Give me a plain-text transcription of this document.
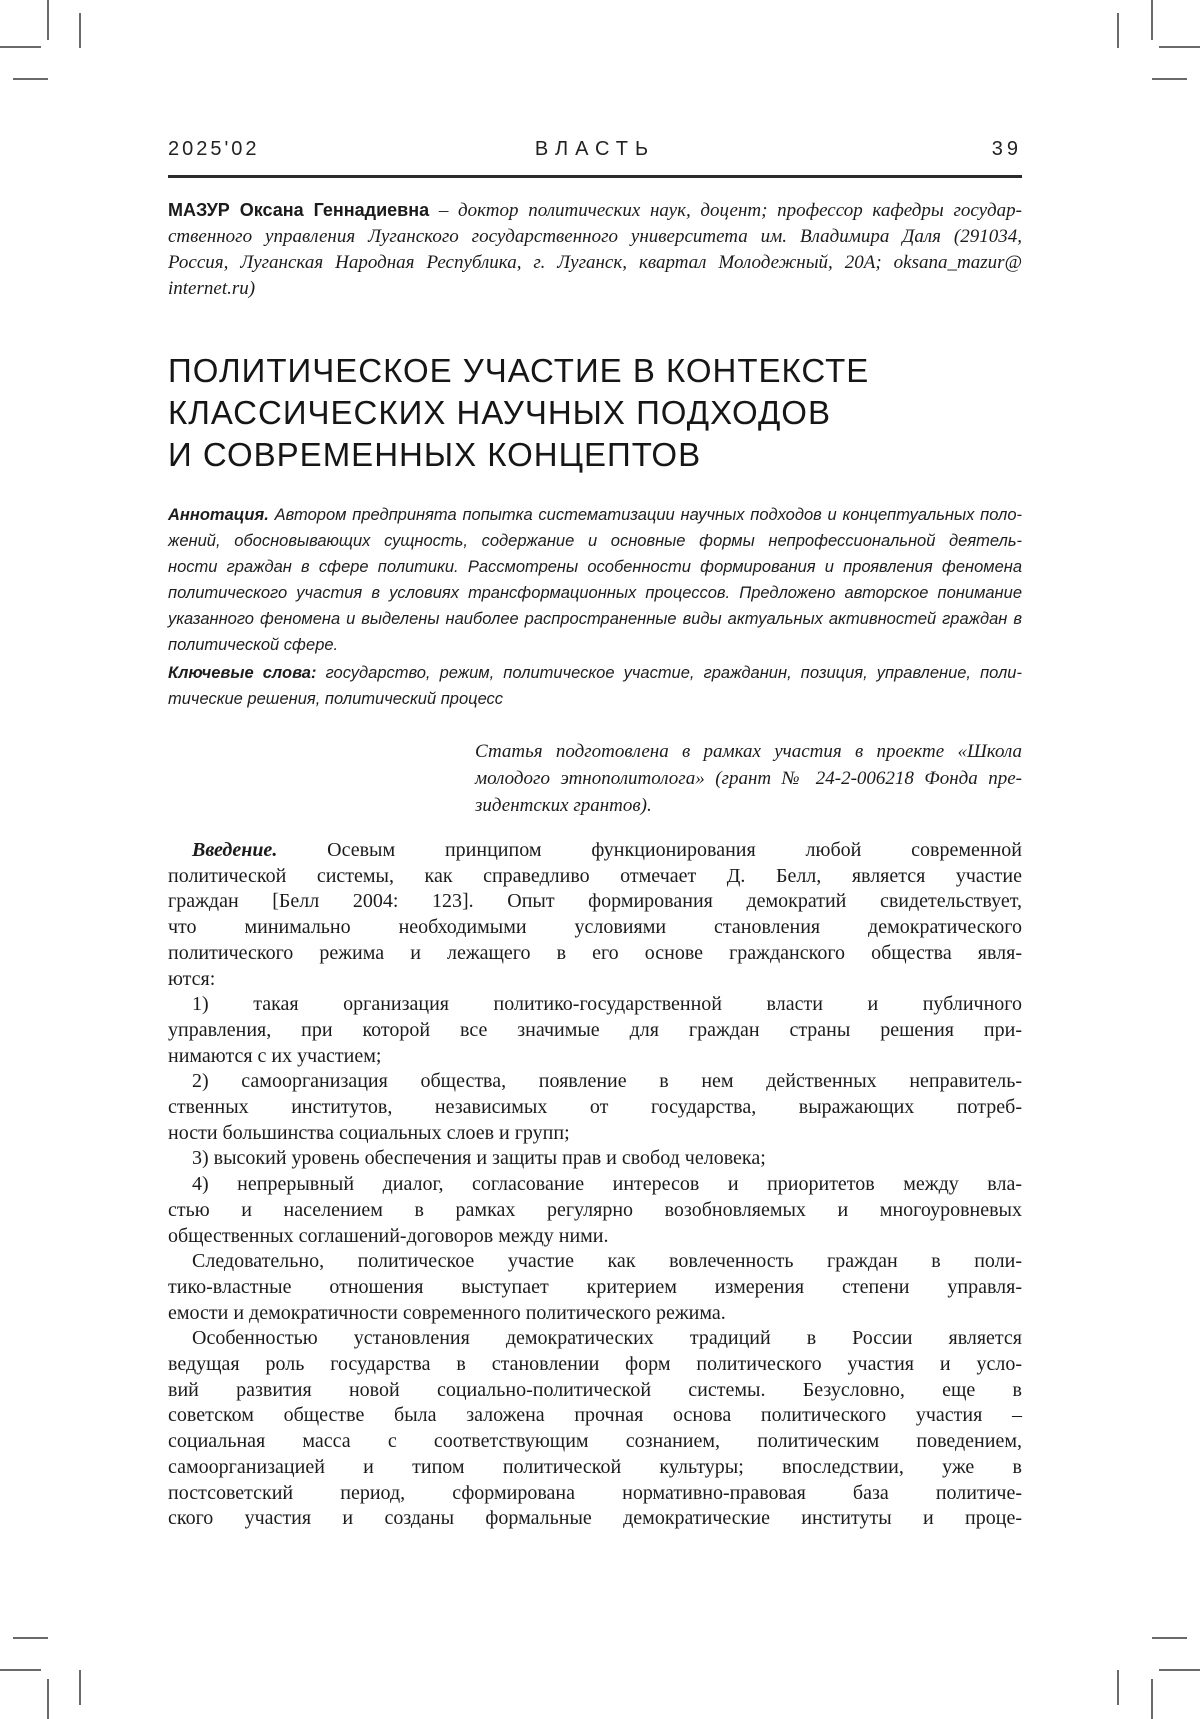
2025'02	ВЛАСТЬ	39
МАЗУР Оксана Геннадиевна – доктор политических наук, доцент; профессор кафедры государ-
ственного управления Луганского государственного университета им. Владимира Даля (291034,
Россия, Луганская Народная Республика, г. Луганск, квартал Молодежный, 20А; oksana_mazur@
internet.ru)
ПОЛИТИЧЕСКОЕ УЧАСТИЕ В КОНТЕКСТЕ
КЛАССИЧЕСКИХ НАУЧНЫХ ПОДХОДОВ
И СОВРЕМЕННЫХ КОНЦЕПТОВ
Аннотация. Автором предпринята попытка систематизации научных подходов и концептуальных поло-
жений, обосновывающих сущность, содержание и основные формы непрофессиональной деятель-
ности граждан в сфере политики. Рассмотрены особенности формирования и проявления феномена
политического участия в условиях трансформационных процессов. Предложено авторское понимание
указанного феномена и выделены наиболее распространенные виды актуальных активностей граждан в
политической сфере.
Ключевые слова: государство, режим, политическое участие, гражданин, позиция, управление, поли-
тические решения, политический процесс
Статья подготовлена в рамках участия в проекте «Школа
молодого этнополитолога» (грант № 24-2-006218 Фонда пре-
зидентских грантов).
Введение. Осевым принципом функционирования любой современной
политической системы, как справедливо отмечает Д. Белл, является участие
граждан [Белл 2004: 123]. Опыт формирования демократий свидетельствует,
что минимально необходимыми условиями становления демократического
политического режима и лежащего в его основе гражданского общества явля-
ются:
1) такая организация политико-государственной власти и публичного
управления, при которой все значимые для граждан страны решения при-
нимаются с их участием;
2) самоорганизация общества, появление в нем действенных неправитель-
ственных институтов, независимых от государства, выражающих потреб-
ности большинства социальных слоев и групп;
3) высокий уровень обеспечения и защиты прав и свобод человека;
4) непрерывный диалог, согласование интересов и приоритетов между вла-
стью и населением в рамках регулярно возобновляемых и многоуровневых
общественных соглашений-договоров между ними.
Следовательно, политическое участие как вовлеченность граждан в поли-
тико-властные отношения выступает критерием измерения степени управля-
емости и демократичности современного политического режима.
Особенностью установления демократических традиций в России является
ведущая роль государства в становлении форм политического участия и усло-
вий развития новой социально-политической системы. Безусловно, еще в
советском обществе была заложена прочная основа политического участия –
социальная масса с соответствующим сознанием, политическим поведением,
самоорганизацией и типом политической культуры; впоследствии, уже в
постсоветский период, сформирована нормативно-правовая база политиче-
ского участия и созданы формальные демократические институты и проце-
